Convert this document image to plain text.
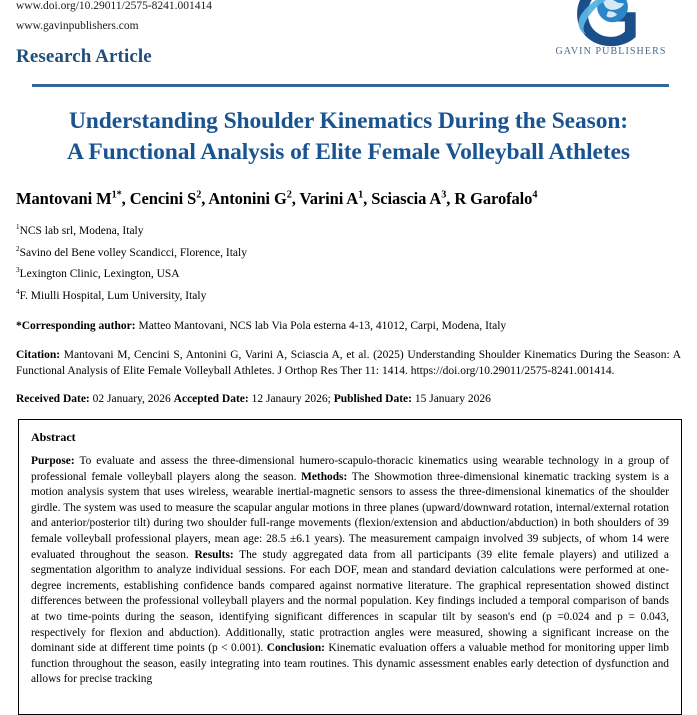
www.doi.org/10.29011/2575-8241.001414
www.gavinpublishers.com
Research Article	GAVIN PUBLISHERS
Understanding Shoulder Kinematics During the Season:
A Functional Analysis of Elite Female Volleyball Athletes
Mantovani $M^{1*}$, Cencini $S^2$, Antonini $G^2$, Varini $A^1$, Sciascia $A^3$, R Garofalo$^4$
$^1$NCS lab srl, Modena, Italy
$^2$Savino del Bene volley Scandicci, Florence, Italy
$^3$Lexington Clinic, Lexington, USA
$^4$F. Miulli Hospital, Lum University, Italy
*Corresponding author: Matteo Mantovani, NCS lab Via Pola esterna 4-13, 41012, Carpi, Modena, Italy
Citation: Mantovani M, Cencini S, Antonini G, Varini A, Sciascia A, et al. (2025) Understanding Shoulder Kinematics During the Season: A Functional Analysis of Elite Female Volleyball Athletes. J Orthop Res Ther 11: 1414. https://doi.org/10.29011/2575-8241.001414.
Received Date: 02 January, 2026 Accepted Date: 12 Janaury 2026; Published Date: 15 January 2026
Abstract
Purpose: To evaluate and assess the three-dimensional humero-scapulo-thoracic kinematics using wearable technology in a group of professional female volleyball players along the season. Methods: The Showmotion three-dimensional kinematic tracking system is a motion analysis system that uses wireless, wearable inertial-magnetic sensors to assess the three-dimensional kinematics of the shoulder girdle. The system was used to measure the scapular angular motions in three planes (upward/downward rotation, internal/external rotation and anterior/posterior tilt) during two shoulder full-range movements (flexion/extension and abduction/abduction) in both shoulders of 39 female volleyball professional players, mean age: 28.5 ±6.1 years). The measurement campaign involved 39 subjects, of whom 14 were evaluated throughout the season. Results: The study aggregated data from all participants (39 elite female players) and utilized a segmentation algorithm to analyze individual sessions. For each DOF, mean and standard deviation calculations were performed at one-degree increments, establishing confidence bands compared against normative literature. The graphical representation showed distinct differences between the professional volleyball players and the normal population. Key findings included a temporal comparison of bands at two time-points during the season, identifying significant differences in scapular tilt by season's end (p =0.024 and p = 0.043, respectively for flexion and abduction). Additionally, static protraction angles were measured, showing a significant increase on the dominant side at different time points (p < 0.001). Conclusion: Kinematic evaluation offers a valuable method for monitoring upper limb function throughout the season, easily integrating into team routines. This dynamic assessment enables early detection of dysfunction and allows for precise tracking
